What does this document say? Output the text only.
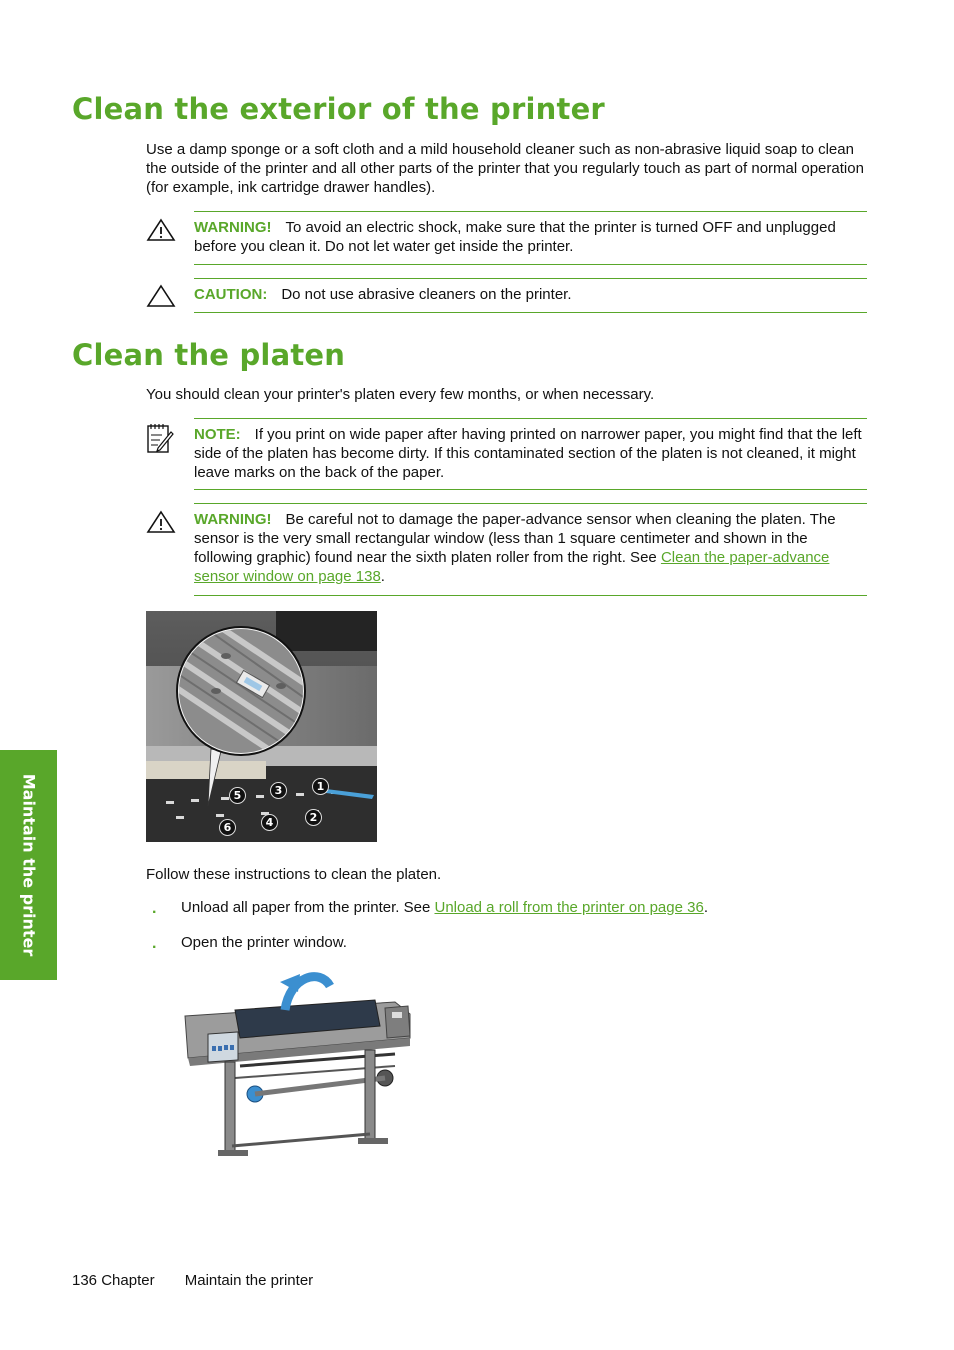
Clean the exterior of the printer

Use a damp sponge or a soft cloth and a mild household cleaner such as non-abrasive liquid soap to clean the outside of the printer and all other parts of the printer that you regularly touch as part of normal operation (for example, ink cartridge drawer handles).

WARNING! To avoid an electric shock, make sure that the printer is turned OFF and unplugged before you clean it. Do not let water get inside the printer.
CAUTION: Do not use abrasive cleaners on the printer.
Clean the platen

You should clean your printer's platen every few months, or when necessary.

NOTE: If you print on wide paper after having printed on narrower paper, you might find that the left side of the platen has become dirty. If this contaminated section of the platen is not cleaned, it might leave marks on the back of the paper.
WARNING! Be careful not to damage the paper-advance sensor when cleaning the platen. The sensor is the very small rectangular window (less than 1 square centimeter and shown in the following graphic) found near the sixth platen roller from the right. See Clean the paper-advance sensor window on page 138.
1
2
3
4
5
6

Follow these instructions to clean the platen.

. Unload all paper from the printer. See Unload a roll from the printer on page 36.
. Open the printer window.
Maintain the printer
136 Chapter Maintain the printer
